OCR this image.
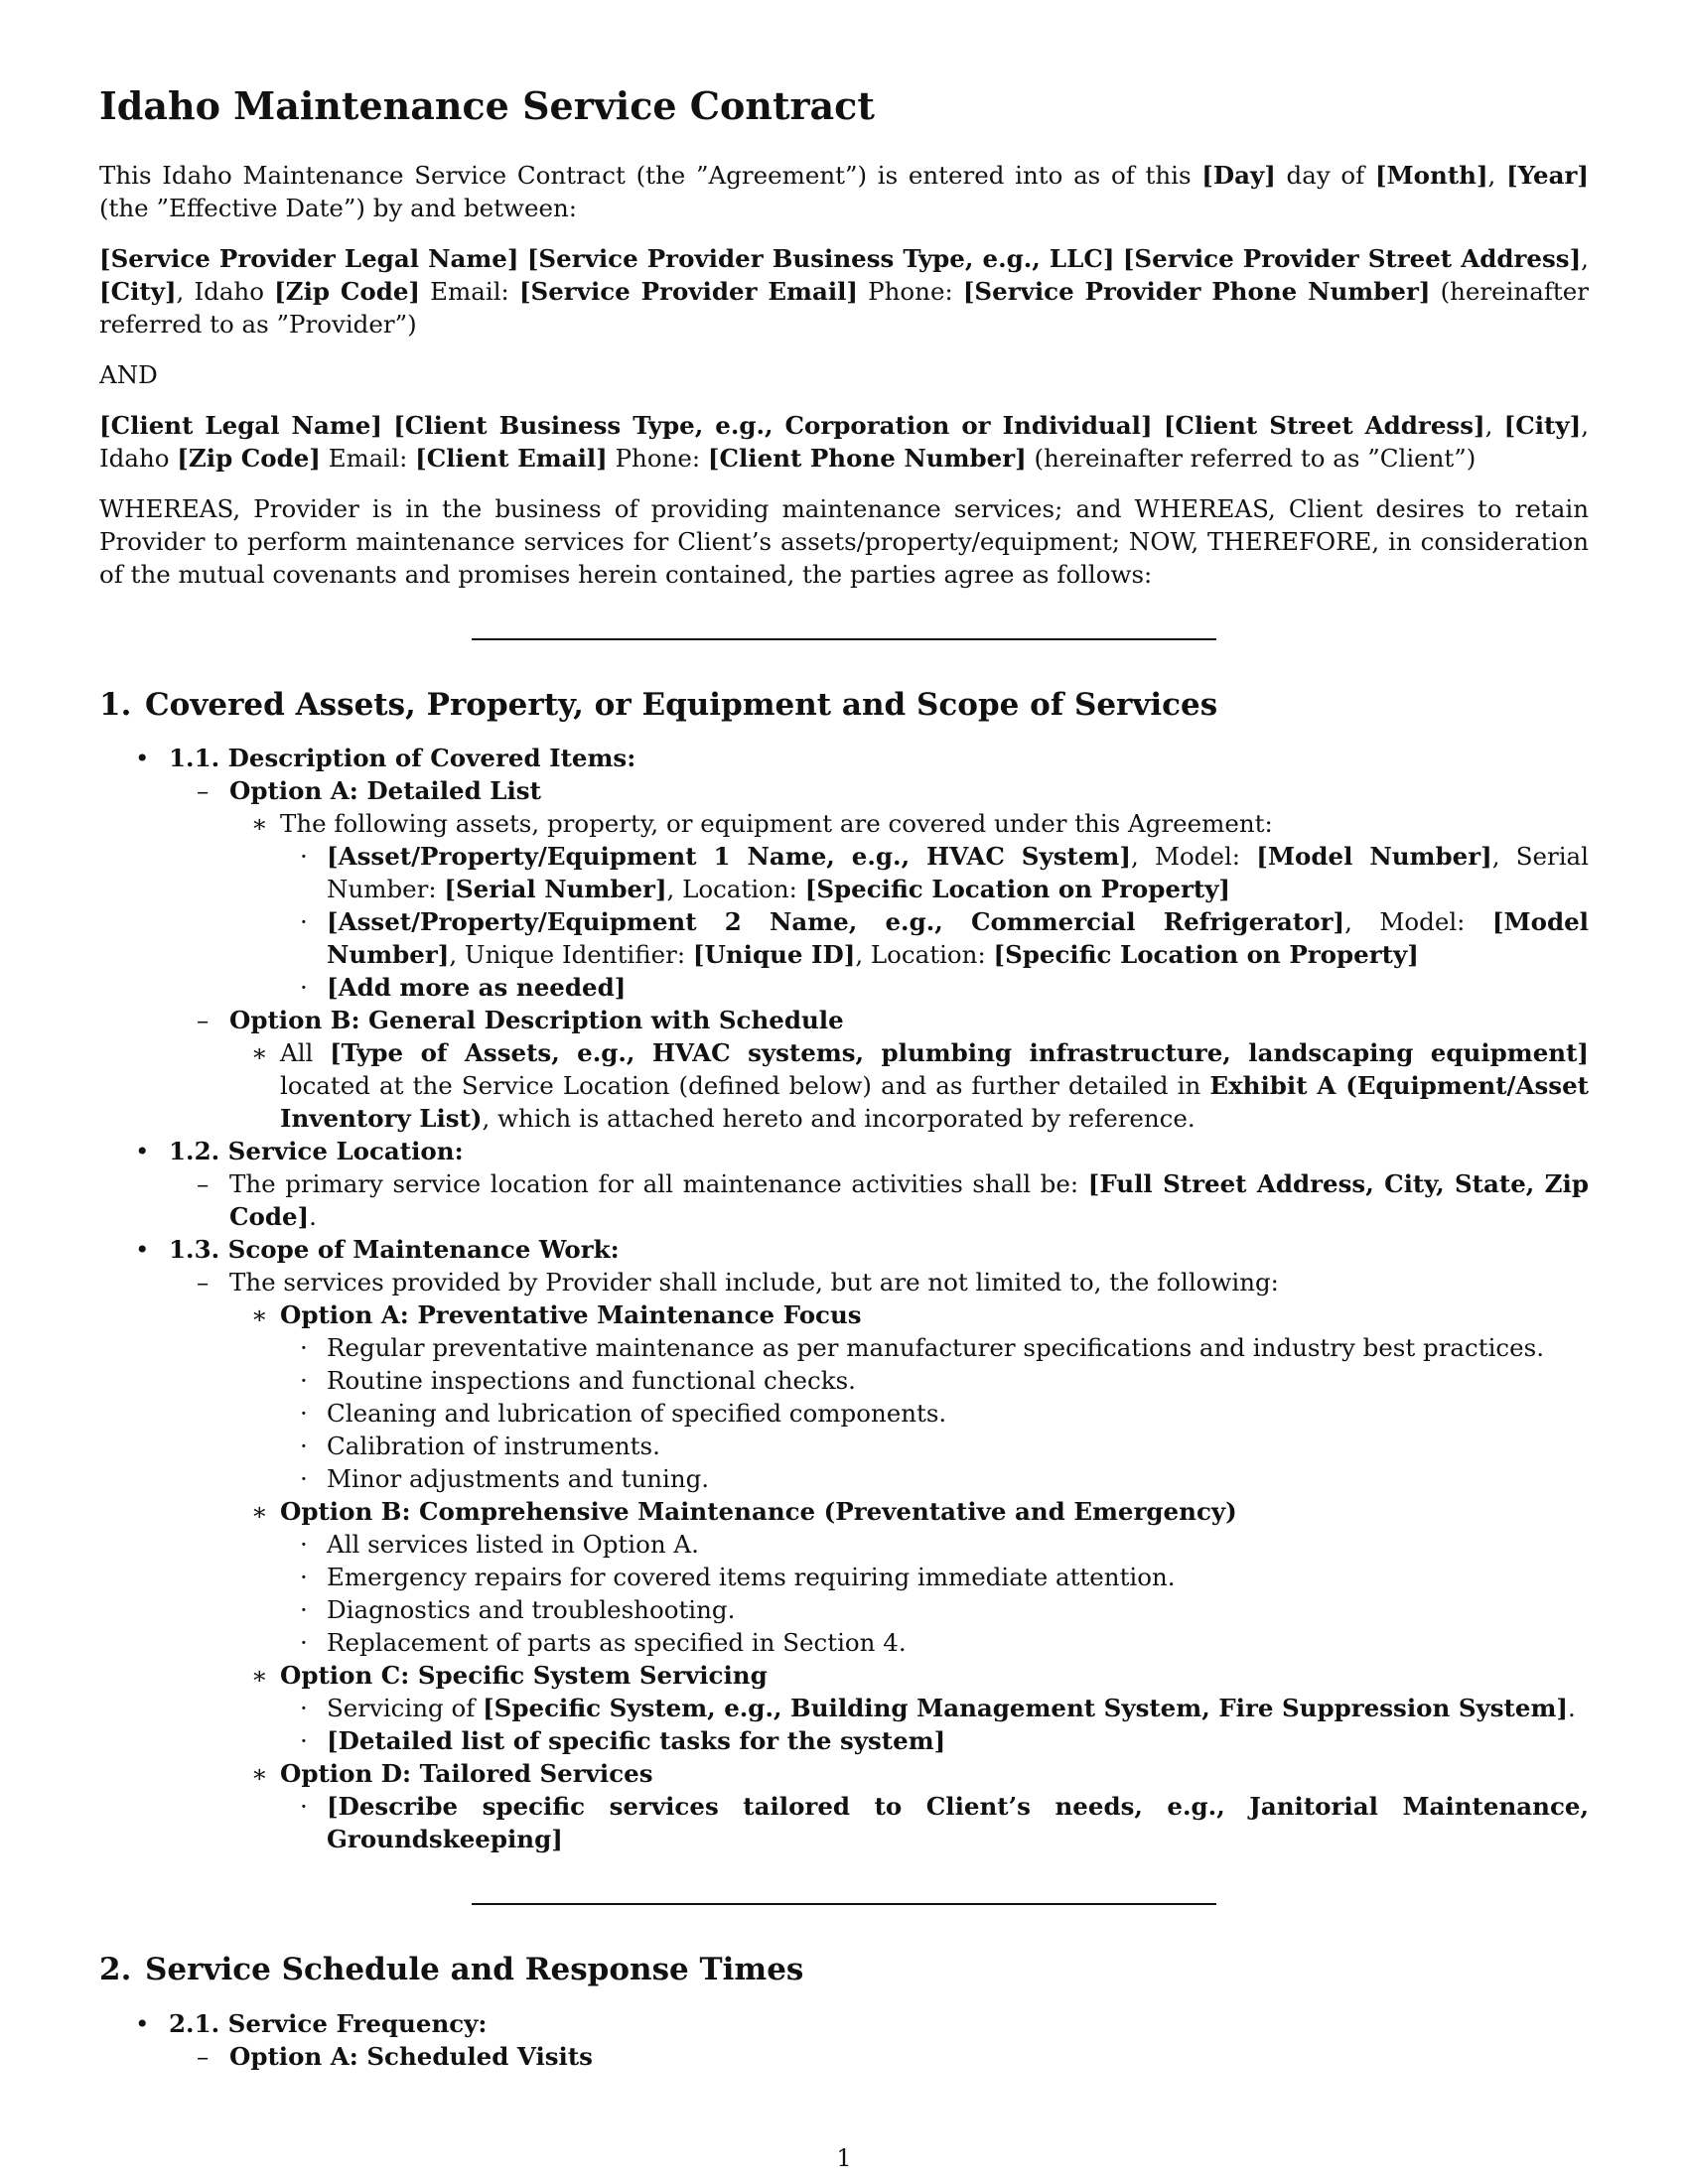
Idaho Maintenance Service Contract

This Idaho Maintenance Service Contract (the ”Agreement”) is entered into as of this [Day] day of [Month], [Year] (the ”Effective Date”) by and between:

[Service Provider Legal Name] [Service Provider Business Type, e.g., LLC] [Service Provider Street Address], [City], Idaho [Zip Code] Email: [Service Provider Email] Phone: [Service Provider Phone Number] (hereinafter referred to as ”Provider”)

AND

[Client Legal Name] [Client Business Type, e.g., Corporation or Individual] [Client Street Address], [City], Idaho [Zip Code] Email: [Client Email] Phone: [Client Phone Number] (hereinafter referred to as ”Client”)

WHEREAS, Provider is in the business of providing maintenance services; and WHEREAS, Client desires to retain Provider to perform maintenance services for Client’s assets/property/equipment; NOW, THEREFORE, in consideration of the mutual covenants and promises herein contained, the parties agree as follows:

1. Covered Assets, Property, or Equipment and Scope of Services
• 1.1. Description of Covered Items:
– Option A: Detailed List
∗ The following assets, property, or equipment are covered under this Agreement:
· [Asset/Property/Equipment 1 Name, e.g., HVAC System], Model: [Model Number], Serial Number: [Serial Number], Location: [Specific Location on Property]
· [Asset/Property/Equipment 2 Name, e.g., Commercial Refrigerator], Model: [Model Number], Unique Identifier: [Unique ID], Location: [Specific Location on Property]
· [Add more as needed]
– Option B: General Description with Schedule
∗ All [Type of Assets, e.g., HVAC systems, plumbing infrastructure, landscaping equipment] located at the Service Location (defined below) and as further detailed in Exhibit A (Equipment/Asset Inventory List), which is attached hereto and incorporated by reference.
• 1.2. Service Location:
– The primary service location for all maintenance activities shall be: [Full Street Address, City, State, Zip Code].
• 1.3. Scope of Maintenance Work:
– The services provided by Provider shall include, but are not limited to, the following:
∗ Option A: Preventative Maintenance Focus
· Regular preventative maintenance as per manufacturer specifications and industry best practices.
· Routine inspections and functional checks.
· Cleaning and lubrication of specified components.
· Calibration of instruments.
· Minor adjustments and tuning.
∗ Option B: Comprehensive Maintenance (Preventative and Emergency)
· All services listed in Option A.
· Emergency repairs for covered items requiring immediate attention.
· Diagnostics and troubleshooting.
· Replacement of parts as specified in Section 4.
∗ Option C: Specific System Servicing
· Servicing of [Specific System, e.g., Building Management System, Fire Suppression System].
· [Detailed list of specific tasks for the system]
∗ Option D: Tailored Services
· [Describe specific services tailored to Client’s needs, e.g., Janitorial Maintenance, Groundskeeping]
2. Service Schedule and Response Times
• 2.1. Service Frequency:
– Option A: Scheduled Visits
1
